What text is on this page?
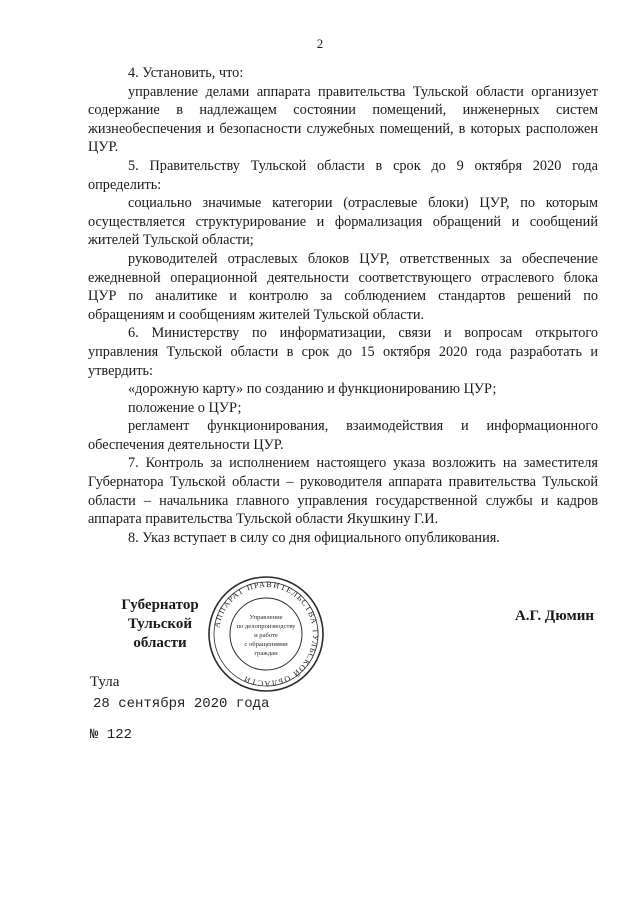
2

4. Установить, что:

управление делами аппарата правительства Тульской области организует содержание в надлежащем состоянии помещений, инженерных систем жизнеобеспечения и безопасности служебных помещений, в которых расположен ЦУР.

5. Правительству Тульской области в срок до 9 октября 2020 года определить:

социально значимые категории (отраслевые блоки) ЦУР, по которым осуществляется структурирование и формализация обращений и сообщений жителей Тульской области;

руководителей отраслевых блоков ЦУР, ответственных за обеспечение ежедневной операционной деятельности соответствующего отраслевого блока ЦУР по аналитике и контролю за соблюдением стандартов решений по обращениям и сообщениям жителей Тульской области.

6. Министерству по информатизации, связи и вопросам открытого управления Тульской области в срок до 15 октября 2020 года разработать и утвердить:

«дорожную карту» по созданию и функционированию ЦУР;

положение о ЦУР;

регламент функционирования, взаимодействия и информационного обеспечения деятельности ЦУР.

7. Контроль за исполнением настоящего указа возложить на заместителя Губернатора Тульской области – руководителя аппарата правительства Тульской области – начальника главного управления государственной службы и кадров аппарата правительства Тульской области Якушкину Г.И.

8. Указ вступает в силу со дня официального опубликования.

Губернатор
Тульской области
АППАРАТ ПРАВИТЕЛЬСТВА ТУЛЬСКОЙ ОБЛАСТИ
Управление
по делопроизводству
и работе
с обращениями
граждан
А.Г. Дюмин
Тула
28 сентября 2020 года
№ 122
